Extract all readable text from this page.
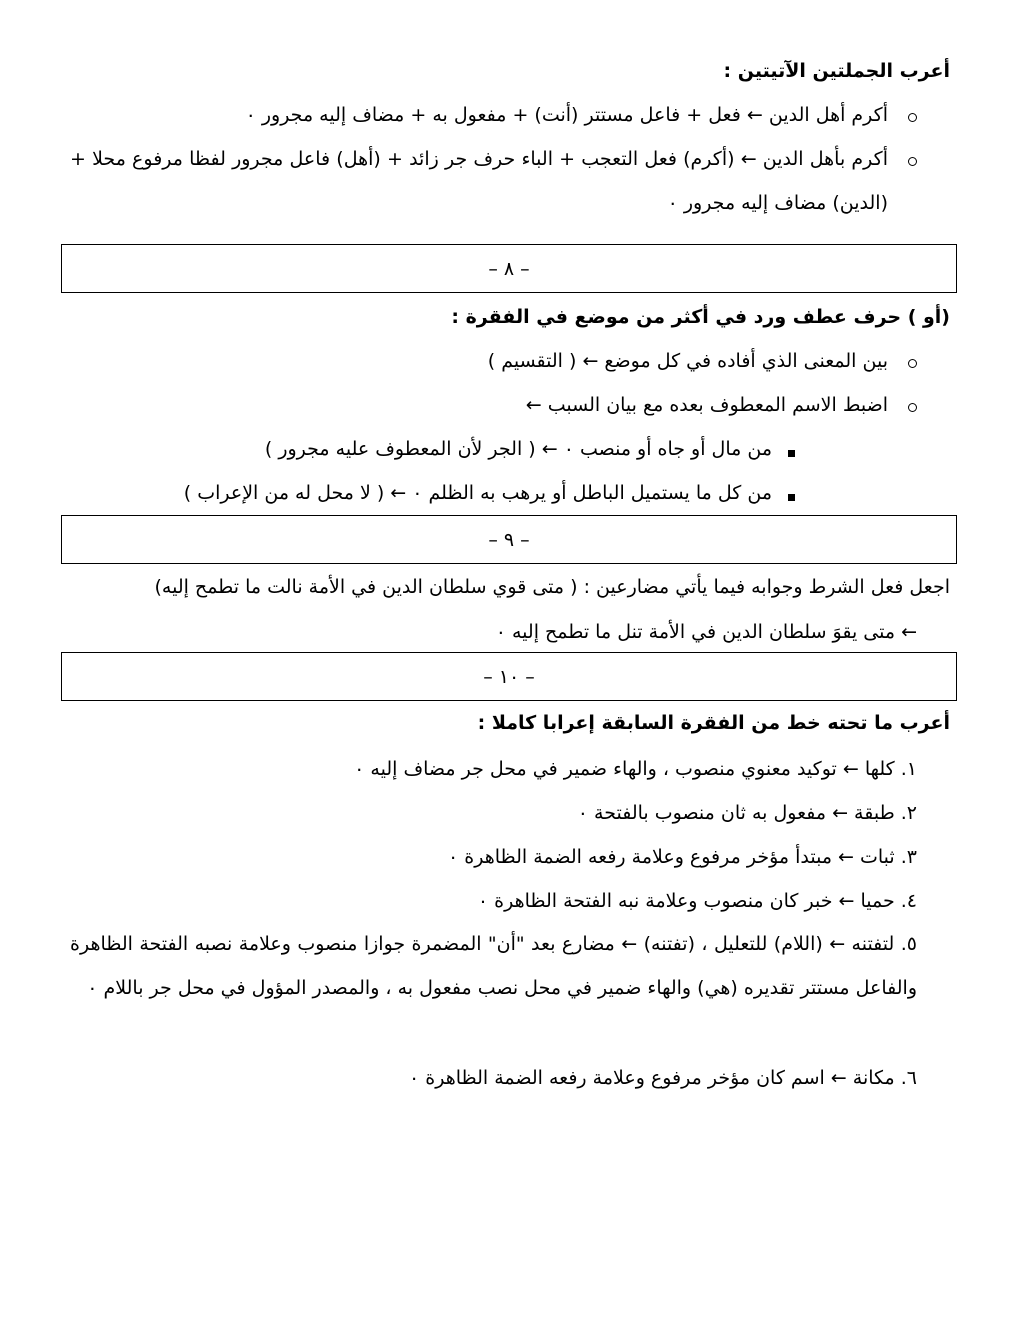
أعرب الجملتين الآتيتين :
أكرم أهل الدين ← فعل + فاعل مستتر (أنت) + مفعول به + مضاف إليه مجرور ٠
أكرم بأهل الدين ← (أكرم) فعل التعجب + الباء حرف جر زائد + (أهل) فاعل مجرور لفظا مرفوع محلا + (الدين) مضاف إليه مجرور ٠
– ٨ –
(أو ) حرف عطف ورد في أكثر من موضع في الفقرة :
بين المعنى الذي أفاده في كل موضع ← ( التقسيم )
اضبط الاسم المعطوف بعده مع بيان السبب ←
من مال أو جاه أو منصب ٠ ← ( الجر لأن المعطوف عليه مجرور )
من كل ما يستميل الباطل أو يرهب به الظلم ٠ ← ( لا محل له من الإعراب )
– ٩ –
اجعل فعل الشرط وجوابه فيما يأتي مضارعين : ( متى قوي سلطان الدين في الأمة نالت ما تطمح إليه)
← متى يقوَ سلطان الدين في الأمة تنل ما تطمح إليه ٠
– ١٠ –
أعرب ما تحته خط من الفقرة السابقة إعرابا كاملا :
١. كلها ← توكيد معنوي منصوب ، والهاء ضمير في محل جر مضاف إليه ٠
٢. طبقة ← مفعول به ثان منصوب بالفتحة ٠
٣. ثبات ← مبتدأ مؤخر مرفوع وعلامة رفعه الضمة الظاهرة ٠
٤. حميا ← خبر كان منصوب وعلامة نبه الفتحة الظاهرة ٠
٥. لتفتنه ← (اللام) للتعليل ، (تفتنه) ← مضارع بعد "أن" المضمرة جوازا منصوب وعلامة نصبه الفتحة الظاهرة والفاعل مستتر تقديره (هي) والهاء ضمير في محل نصب مفعول به ، والمصدر المؤول في محل جر باللام ٠
٦. مكانة ← اسم كان مؤخر مرفوع وعلامة رفعه الضمة الظاهرة ٠
